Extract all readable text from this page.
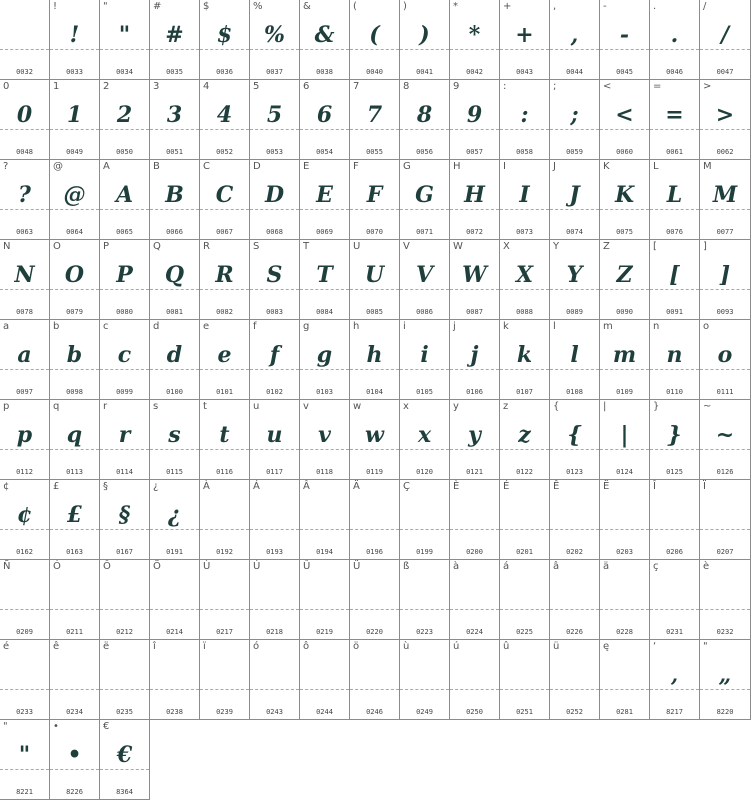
0032
!
!
0033
"
"
0034
#
#
0035
$
$
0036
%
%
0037
&
&
0038
(
(
0040
)
)
0041
*
*
0042
+
+
0043
,
,
0044
-
-
0045
.
.
0046
/
/
0047
0
0
0048
1
1
0049
2
2
0050
3
3
0051
4
4
0052
5
5
0053
6
6
0054
7
7
0055
8
8
0056
9
9
0057
:
:
0058
;
;
0059
<
<
0060
=
=
0061
>
>
0062
?
?
0063
@
@
0064
A
A
0065
B
B
0066
C
C
0067
D
D
0068
E
E
0069
F
F
0070
G
G
0071
H
H
0072
I
I
0073
J
J
0074
K
K
0075
L
L
0076
M
M
0077
N
N
0078
O
O
0079
P
P
0080
Q
Q
0081
R
R
0082
S
S
0083
T
T
0084
U
U
0085
V
V
0086
W
W
0087
X
X
0088
Y
Y
0089
Z
Z
0090
[
[
0091
]
]
0093
a
a
0097
b
b
0098
c
c
0099
d
d
0100
e
e
0101
f
f
0102
g
g
0103
h
h
0104
i
i
0105
j
j
0106
k
k
0107
l
l
0108
m
m
0109
n
n
0110
o
o
0111
p
p
0112
q
q
0113
r
r
0114
s
s
0115
t
t
0116
u
u
0117
v
v
0118
w
w
0119
x
x
0120
y
y
0121
z
z
0122
{
{
0123
|
|
0124
}
}
0125
~
~
0126
¢
¢
0162
£
£
0163
§
§
0167
¿
¿
0191
À
0192
Á
0193
Â
0194
Ä
0196
Ç
0199
È
0200
É
0201
Ê
0202
Ë
0203
Î
0206
Ï
0207
Ñ
0209
Ó
0211
Ô
0212
Ö
0214
Ù
0217
Ú
0218
Û
0219
Ü
0220
ß
0223
à
0224
á
0225
â
0226
ä
0228
ç
0231
è
0232
é
0233
ê
0234
ë
0235
î
0238
ï
0239
ó
0243
ô
0244
ö
0246
ù
0249
ú
0250
û
0251
ü
0252
ę
0281
‘
‚
8217
"
„
8220
"
"
8221
•
•
8226
€
€
8364
